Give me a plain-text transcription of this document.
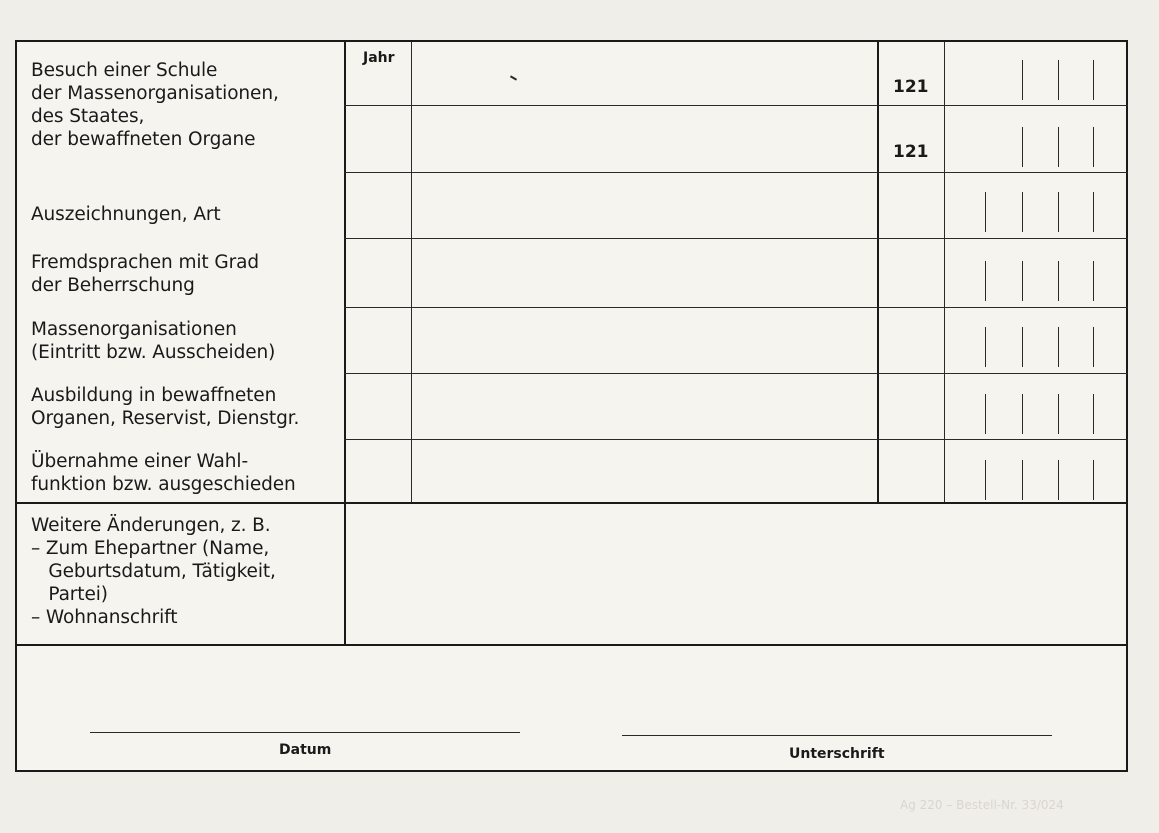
Ag 220 – Bestell-Nr. 33/024
Jahr
Besuch einer Schule
der Massenorganisationen,
des Staates,
der bewaffneten Organe
Auszeichnungen, Art
Fremdsprachen mit Grad
der Beherrschung
Massenorganisationen
(Eintritt bzw. Ausscheiden)
Ausbildung in bewaffneten
Organen, Reservist, Dienstgr.
Übernahme einer Wahl-
funktion bzw. ausgeschieden
Weitere Änderungen, z. B.
– Zum Ehepartner (Name,
Geburtsdatum, Tätigkeit,
Partei)
– Wohnanschrift
121
121
Datum	Unterschrift
